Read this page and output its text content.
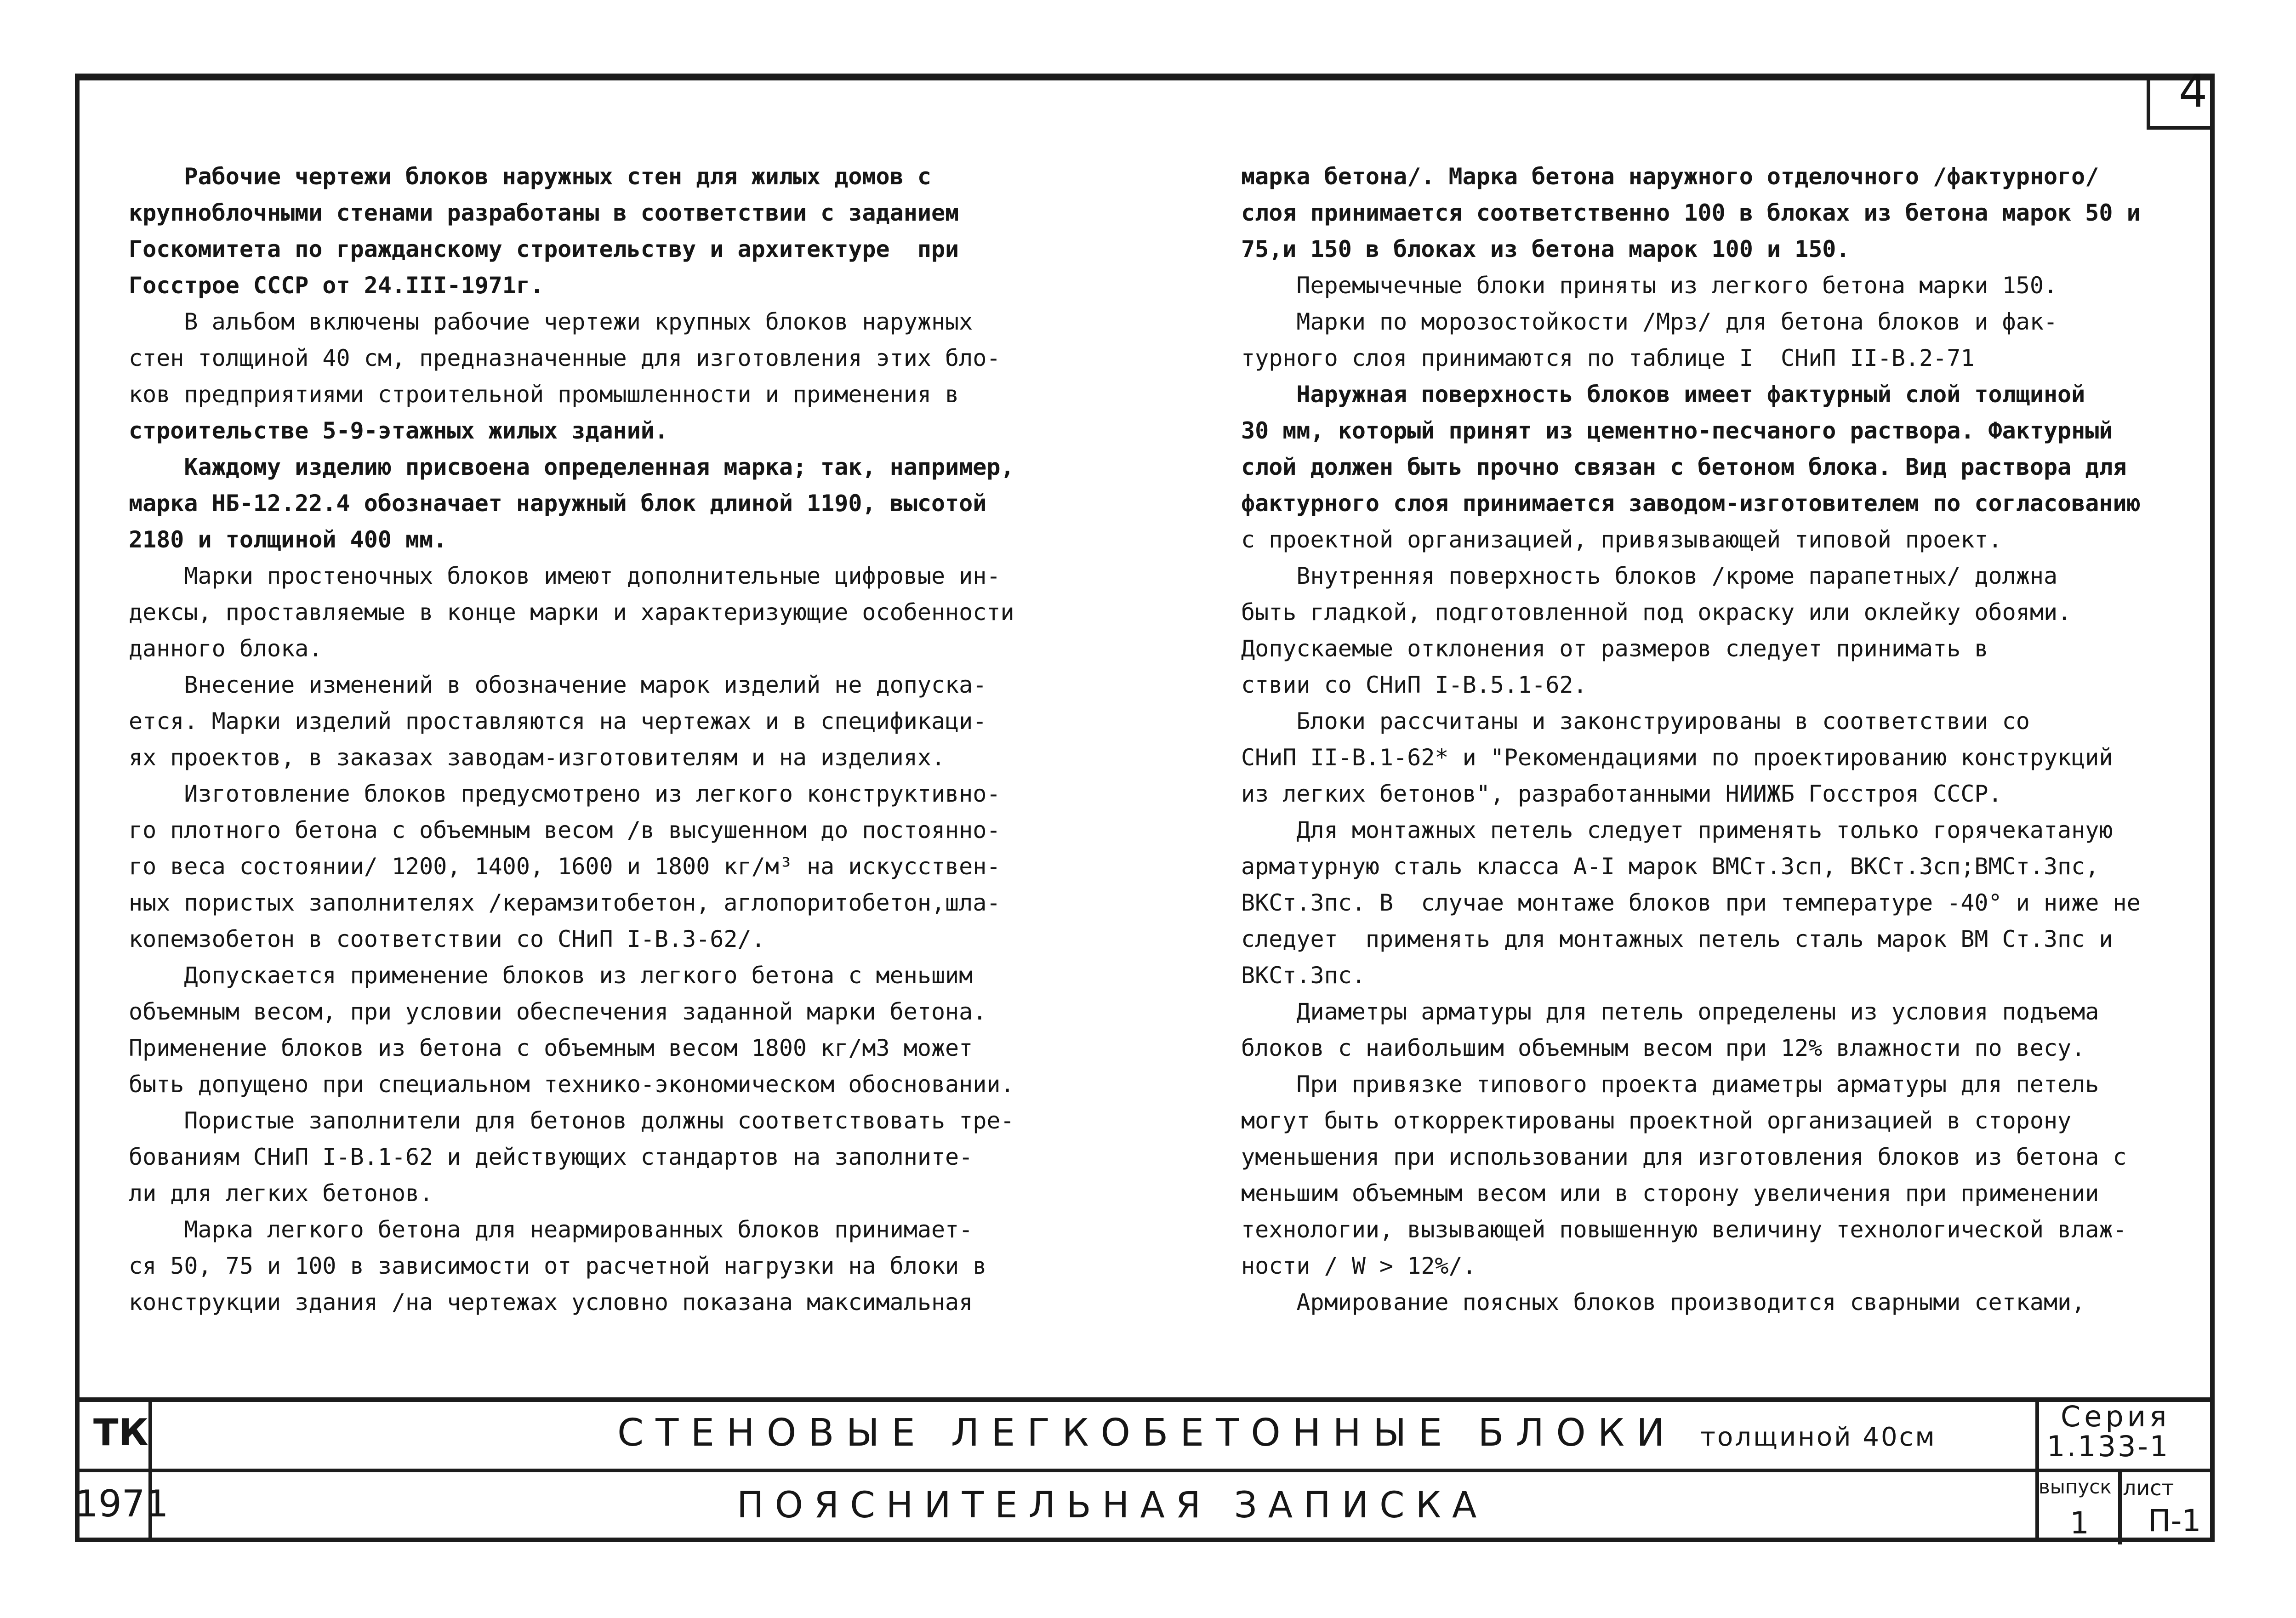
4
Рабочие чертежи блоков наружных стен для жилых домов с
крупноблочными стенами разработаны в соответствии с заданием
Госкомитета по гражданскому строительству и архитектуре  при
Госстрое СССР от 24.III-1971г.
В альбом включены рабочие чертежи крупных блоков наружных
стен толщиной 40 см, предназначенные для изготовления этих бло-
ков предприятиями строительной промышленности и применения в
строительстве 5-9-этажных жилых зданий.
Каждому изделию присвоена определенная марка; так, например,
марка НБ-12.22.4 обозначает наружный блок длиной 1190, высотой
2180 и толщиной 400 мм.
Марки простеночных блоков имеют дополнительные цифровые ин-
дексы, проставляемые в конце марки и характеризующие особенности
данного блока.
Внесение изменений в обозначение марок изделий не допуска-
ется. Марки изделий проставляются на чертежах и в спецификаци-
ях проектов, в заказах заводам-изготовителям и на изделиях.
Изготовление блоков предусмотрено из легкого конструктивно-
го плотного бетона с объемным весом /в высушенном до постоянно-
го веса состоянии/ 1200, 1400, 1600 и 1800 кг/м³ на искусствен-
ных пористых заполнителях /керамзитобетон, аглопоритобетон,шла-
копемзобетон в соответствии со СНиП I-В.3-62/.
Допускается применение блоков из легкого бетона с меньшим
объемным весом, при условии обеспечения заданной марки бетона.
Применение блоков из бетона с объемным весом 1800 кг/м3 может
быть допущено при специальном технико-экономическом обосновании.
Пористые заполнители для бетонов должны соответствовать тре-
бованиям СНиП I-В.1-62 и действующих стандартов на заполните-
ли для легких бетонов.
Марка легкого бетона для неармированных блоков принимает-
ся 50, 75 и 100 в зависимости от расчетной нагрузки на блоки в
конструкции здания /на чертежах условно показана максимальная
марка бетона/. Марка бетона наружного отделочного /фактурного/
слоя принимается соответственно 100 в блоках из бетона марок 50 и
75,и 150 в блоках из бетона марок 100 и 150.
Перемычечные блоки приняты из легкого бетона марки 150.
Марки по морозостойкости /Мрз/ для бетона блоков и фак-
турного слоя принимаются по таблице I  СНиП II-В.2-71
Наружная поверхность блоков имеет фактурный слой толщиной
30 мм, который принят из цементно-песчаного раствора. Фактурный
слой должен быть прочно связан с бетоном блока. Вид раствора для
фактурного слоя принимается заводом-изготовителем по согласованию
с проектной организацией, привязывающей типовой проект.
Внутренняя поверхность блоков /кроме парапетных/ должна
быть гладкой, подготовленной под окраску или оклейку обоями.
Допускаемые отклонения от размеров следует принимать в
ствии со СНиП I-В.5.1-62.
Блоки рассчитаны и законструированы в соответствии со
СНиП II-В.1-62* и "Рекомендациями по проектированию конструкций
из легких бетонов", разработанными НИИЖБ Госстроя СССР.
Для монтажных петель следует применять только горячекатаную
арматурную сталь класса А-I марок ВМСт.3сп, ВКСт.3сп;ВМСт.3пс,
ВКСт.3пс. В  случае монтаже блоков при температуре -40° и ниже не
следует  применять для монтажных петель сталь марок ВМ Ст.3пс и
ВКСт.3пс.
Диаметры арматуры для петель определены из условия подъема
блоков с наибольшим объемным весом при 12% влажности по весу.
При привязке типового проекта диаметры арматуры для петель
могут быть откорректированы проектной организацией в сторону
уменьшения при использовании для изготовления блоков из бетона с
меньшим объемным весом или в сторону увеличения при применении
технологии, вызывающей повышенную величину технологической влаж-
ности / W > 12%/.
Армирование поясных блоков производится сварными сетками,
ТК
1971
СТЕНОВЫЕ ЛЕГКОБЕТОННЫЕ БЛОКИ толщиной 40см
ПОЯСНИТЕЛЬНАЯ ЗАПИСКА
Серия
1.133-1
выпуск лист
1 П-1
